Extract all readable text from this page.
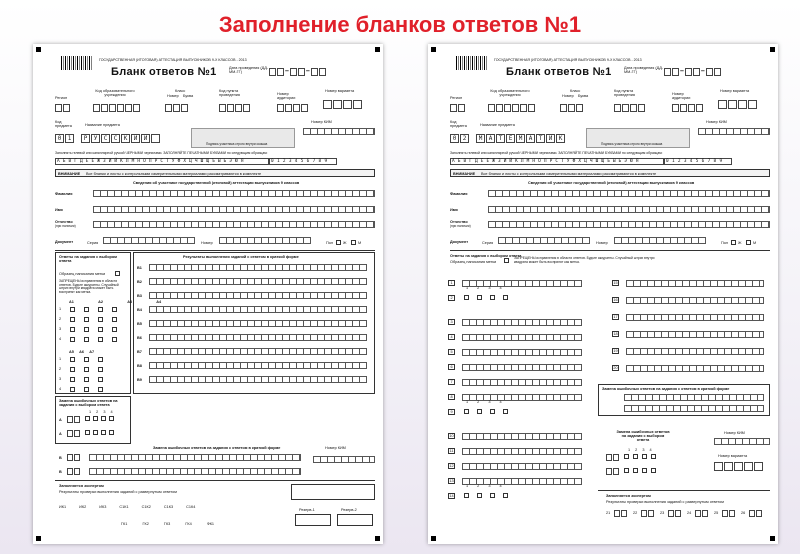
Заполнение бланков ответов №1
ГОСУДАРСТВЕННАЯ (ИТОГОВАЯ) АТТЕСТАЦИЯ ВЫПУСКНИКОВ 9-Х КЛАССОВ - 2013
Бланк ответов №1	Дата проведения (ДД-ММ-ГГ)	– –
Регион
Код образовательного учреждения
Класс
Номер Буква
Код пункта проведения	Номер аудитории
Номер варианта
Код предмета	Название предмета
Номер КИМ
0	1	Р	У	С	С	К	И	Й
Подпись участника строго внутри окошка
Заполнять гелевой или капиллярной ручкой ЧЕРНЫМИ чернилами. ЗАПОЛНЯЙТЕ ПЕЧАТНЫМИ БУКВАМИ по следующим образцам:
АБВГДЕЁЖЗИЙКЛМНОПРСТУФХЦЧШЩЪЫЬЭЮЯ	0123456789
ВНИМАНИЕ Все бланки и листы с контрольными измерительными материалами рассматриваются в комплекте
Сведения об участнике государственной (итоговой) аттестации выпускников 9 классов
Фамилия
Имя
Отчество
(при наличии)
Документ	Серия	Номер	Пол	Ж	М
Ответы на задания с выбором ответа
Образец написания метки
ЗАПРЕЩЕНЫ исправления в области ответов. Будьте аккуратны. Случайный штрих внутри квадрата может быть воспринят как метка.
А1	А2	А3	А4
1
2
3
4
А5 А6 А7
1
2
3
4
Результаты выполнения заданий с ответом в краткой форме
В1
В2
В3
В4
В5
В6
В7
В8
В9
Замена ошибочных ответов на задания с выбором ответа
1 2 3 4
А
А
Замена ошибочных ответов на задания с ответом в краткой форме	Номер КИМ
В
В
Заполняется экспертом
Результаты проверки выполнения заданий с развернутым ответом
ИК1	ИК2	ИК3	С1К1	С1К2	С1К3	С1К4
ГК1	ГК2	ГК3	ГК4	ФК1
Резерв-1	Резерв-2
ГОСУДАРСТВЕННАЯ (ИТОГОВАЯ) АТТЕСТАЦИЯ ВЫПУСКНИКОВ 9-Х КЛАССОВ - 2013
Бланк ответов №1	Дата проведения (ДД-ММ-ГГ)	– –
Регион
Код образовательного учреждения
Класс
Номер Буква
Код пункта проведения	Номер аудитории
Номер варианта
Код предмета	Название предмета
Номер КИМ
0	2	М	А	Т	Е	М	А	Т	И	К
Подпись участника строго внутри окошка
Заполнять гелевой или капиллярной ручкой ЧЕРНЫМИ чернилами. ЗАПОЛНЯЙТЕ ПЕЧАТНЫМИ БУКВАМИ по следующим образцам:
АБВГДЕЁЖЗИЙКЛМНОПРСТУФХЦЧШЩЪЫЬЭЮЯ	0123456789
ВНИМАНИЕ Все бланки и листы с контрольными измерительными материалами рассматриваются в комплекте
Сведения об участнике государственной (итоговой) аттестации выпускников 9 классов
Фамилия
Имя
Отчество
(при наличии)
Документ	Серия	Номер	Пол	Ж	М
Ответы на задания с выбором ответа
Образец написания метки
ЗАПРЕЩЕНЫ исправления в области ответов. Будьте аккуратны. Случайный штрих внутри квадрата может быть воспринят как метка.
1
2
1 2 3 4
3
4
5
6
7
8
9
1 2 3 4
10
11
12
13
14
1 2 3 4
15
16
17
18
19
20
Замена ошибочных ответов на задания с ответом в краткой форме
Замена ошибочных ответов на задания с выбором ответа
Номер КИМ
1 2 3 4
Номер варианта
Заполняется экспертом
Результаты проверки выполнения заданий с развернутым ответом
21	22	23	24	25	26
